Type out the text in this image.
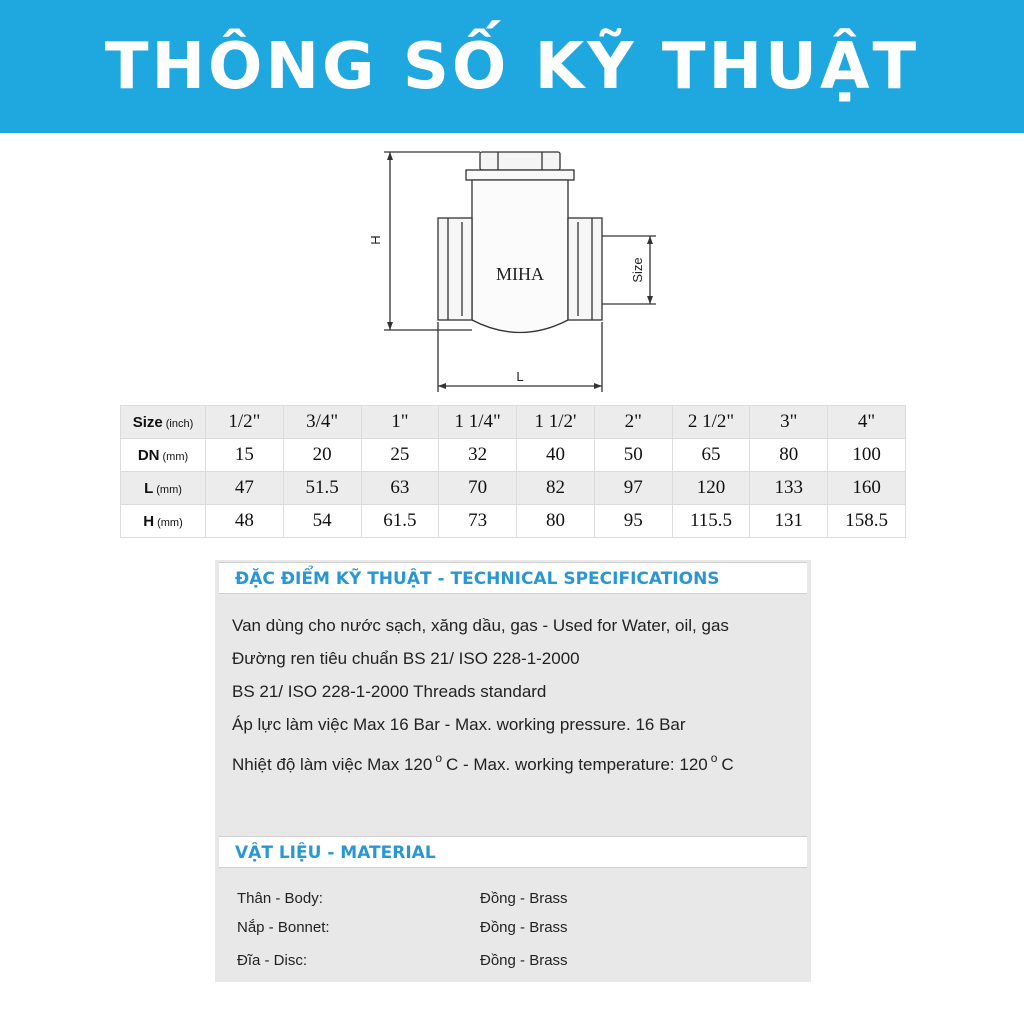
THÔNG SỐ KỸ THUẬT
MIHA
H
L
Size
Size (inch)	1/2"	3/4"	1"	1 1/4"	1 1/2'	2"	2 1/2"	3"	4"
DN (mm)	15	20	25	32	40	50	65	80	100
L (mm)	47	51.5	63	70	82	97	120	133	160
H (mm)	48	54	61.5	73	80	95	115.5	131	158.5
ĐẶC ĐIỂM KỸ THUẬT - TECHNICAL SPECIFICATIONS
Van dùng cho nước sạch, xăng dầu, gas - Used for Water, oil, gas
Đường ren tiêu chuẩn BS 21/ ISO 228-1-2000
BS 21/ ISO 228-1-2000 Threads standard
Áp lực làm việc Max 16 Bar - Max. working pressure. 16 Bar
Nhiệt độ làm việc Max 120 $^o$ C - Max. working temperature: 120 $^o$ C
VẬT LIỆU - MATERIAL
Thân - Body:	Đồng - Brass
Nắp - Bonnet:	Đồng - Brass
Đĩa - Disc:	Đồng - Brass
